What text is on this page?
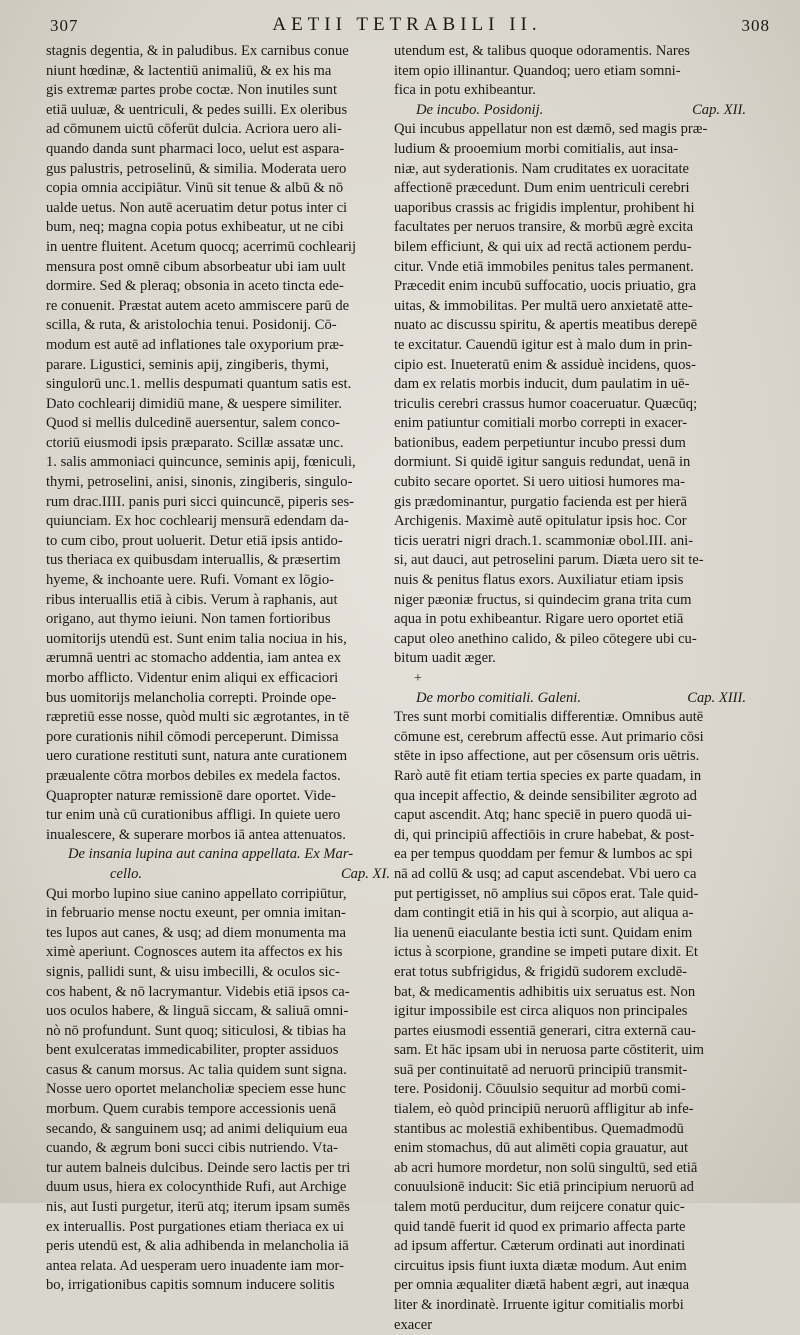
307	AETII TETRABILI II.	308
stagnis degentia, & in paludibus. Ex carnibus conue
niunt hœdinæ, & lactentiū animaliū, & ex his ma
gis extremæ partes probe coctæ. Non inutiles sunt
etiā uuluæ, & uentriculi, & pedes suilli. Ex oleribus
ad cōmunem uictū cōferūt dulcia. Acriora uero ali-
quando danda sunt pharmaci loco, uelut est aspara-
gus palustris, petroselinū, & similia. Moderata uero
copia omnia accipiātur. Vinū sit tenue & albū & nō
ualde uetus. Non autē aceruatim detur potus inter ci
bum, neq; magna copia potus exhibeatur, ut ne cibi
in uentre fluitent. Acetum quocq; acerrimū cochlearij
mensura post omnē cibum absorbeatur ubi iam uult
dormire. Sed & pleraq; obsonia in aceto tincta ede-
re conuenit. Præstat autem aceto ammiscere parū de
scilla, & ruta, & aristolochia tenui. Posidonij. Cō-
modum est autē ad inflationes tale oxyporium præ-
parare. Ligustici, seminis apij, zingiberis, thymi,
singulorū unc.1. mellis despumati quantum satis est.
Dato cochlearij dimidiū mane, & uespere similiter.
Quod si mellis dulcedinē auersentur, salem conco-
ctoriū eiusmodi ipsis præparato. Scillæ assatæ unc.
1. salis ammoniaci quincunce, seminis apij, fœniculi,
thymi, petroselini, anisi, sinonis, zingiberis, singulo-
rum drac.IIII. panis puri sicci quincuncē, piperis ses-
quiunciam. Ex hoc cochlearij mensurā edendam da-
to cum cibo, prout uoluerit. Detur etiā ipsis antido-
tus theriaca ex quibusdam interuallis, & præsertim
hyeme, & inchoante uere. Rufi. Vomant ex lōgio-
ribus interuallis etiā à cibis. Verum à raphanis, aut
origano, aut thymo ieiuni. Non tamen fortioribus
uomitorijs utendū est. Sunt enim talia nociua in his,
ærumnā uentri ac stomacho addentia, iam antea ex
morbo afflicto. Videntur enim aliqui ex efficaciori
bus uomitorijs melancholia correpti. Proinde ope-
ræpretiū esse nosse, quòd multi sic ægrotantes, in tē
pore curationis nihil cōmodi perceperunt. Dimissa
uero curatione restituti sunt, natura ante curationem
præualente cōtra morbos debiles ex medela factos.
Quapropter naturæ remissionē dare oportet. Vide-
tur enim unà cū curationibus affligi. In quiete uero
inualescere, & superare morbos iā antea attenuatos.
De insania lupina aut canina appellata. Ex Mar-
cello.	Cap. XI.
Qui morbo lupino siue canino appellato corripiūtur,
in februario mense noctu exeunt, per omnia imitan-
tes lupos aut canes, & usq; ad diem monumenta ma
ximè aperiunt. Cognosces autem ita affectos ex his
signis, pallidi sunt, & uisu imbecilli, & oculos sic-
cos habent, & nō lacrymantur. Videbis etiā ipsos ca-
uos oculos habere, & linguā siccam, & saliuā omni-
nò nō profundunt. Sunt quoq; siticulosi, & tibias ha
bent exulceratas immedicabiliter, propter assiduos
casus & canum morsus. Ac talia quidem sunt signa.
Nosse uero oportet melancholiæ speciem esse hunc
morbum. Quem curabis tempore accessionis uenā
secando, & sanguinem usq; ad animi deliquium eua
cuando, & ægrum boni succi cibis nutriendo. Vta-
tur autem balneis dulcibus. Deinde sero lactis per tri
duum usus, hiera ex colocynthide Rufi, aut Archige
nis, aut Iusti purgetur, iterū atq; iterum ipsam sumēs
ex interuallis. Post purgationes etiam theriaca ex ui
peris utendū est, & alia adhibenda in melancholia iā
antea relata. Ad uesperam uero inuadente iam mor-
bo, irrigationibus capitis somnum inducere solitis
utendum est, & talibus quoque odoramentis. Nares
item opio illinantur. Quandoq; uero etiam somni-
fica in potu exhibeantur.
De incubo. Posidonij.	Cap. XII.
Qui incubus appellatur non est dæmō, sed magis præ-
ludium & prooemium morbi comitialis, aut insa-
niæ, aut syderationis. Nam cruditates ex uoracitate
affectionē præcedunt. Dum enim uentriculi cerebri
uaporibus crassis ac frigidis implentur, prohibent hi
facultates per neruos transire, & morbū ægrè excita
bilem efficiunt, & qui uix ad rectā actionem perdu-
citur. Vnde etiā immobiles penitus tales permanent.
Præcedit enim incubū suffocatio, uocis priuatio, gra
uitas, & immobilitas. Per multā uero anxietatē atte-
nuato ac discussu spiritu, & apertis meatibus derepē
te excitatur. Cauendū igitur est à malo dum in prin-
cipio est. Inueteratū enim & assiduè incidens, quos-
dam ex relatis morbis inducit, dum paulatim in uē-
triculis cerebri crassus humor coaceruatur. Quæcūq;
enim patiuntur comitiali morbo correpti in exacer-
bationibus, eadem perpetiuntur incubo pressi dum
dormiunt. Si quidē igitur sanguis redundat, uenā in
cubito secare oportet. Si uero uitiosi humores ma-
gis prædominantur, purgatio facienda est per hierā
Archigenis. Maximè autē opitulatur ipsis hoc. Cor
ticis ueratri nigri drach.1. scammoniæ obol.III. ani-
si, aut dauci, aut petroselini parum. Diæta uero sit te-
nuis & penitus flatus exors. Auxiliatur etiam ipsis
niger pæoniæ fructus, si quindecim grana trita cum
aqua in potu exhibeantur. Rigare uero oportet etiā
caput oleo anethino calido, & pileo cōtegere ubi cu-
bitum uadit æger.
+
De morbo comitiali. Galeni.	Cap. XIII.
Tres sunt morbi comitialis differentiæ. Omnibus autē
cōmune est, cerebrum affectū esse. Aut primario cōsi
stēte in ipso affectione, aut per cōsensum oris uētris.
Rarò autē fit etiam tertia species ex parte quadam, in
qua incepit affectio, & deinde sensibiliter ægroto ad
caput ascendit. Atq; hanc speciē in puero quodā ui-
di, qui principiū affectiōis in crure habebat, & post-
ea per tempus quoddam per femur & lumbos ac spi
nā ad collū & usq; ad caput ascendebat. Vbi uero ca
put pertigisset, nō amplius sui cōpos erat. Tale quid-
dam contingit etiā in his qui à scorpio, aut aliqua a-
lia uenenū eiaculante bestia icti sunt. Quidam enim
ictus à scorpione, grandine se impeti putare dixit. Et
erat totus subfrigidus, & frigidū sudorem excludē-
bat, & medicamentis adhibitis uix seruatus est. Non
igitur impossibile est circa aliquos non principales
partes eiusmodi essentiā generari, citra externā cau-
sam. Et hāc ipsam ubi in neruosa parte cōstiterit, uim
suā per continuitatē ad neruorū principiū transmit-
tere. Posidonij. Cōuulsio sequitur ad morbū comi-
tialem, eò quòd principiū neruorū affligitur ab infe-
stantibus ac molestiā exhibentibus. Quemadmodū
enim stomachus, dū aut alimēti copia grauatur, aut
ab acri humore mordetur, non solū singultū, sed etiā
conuulsionē inducit: Sic etiā principium neruorū ad
talem motū perducitur, dum reijcere conatur quic-
quid tandē fuerit id quod ex primario affecta parte
ad ipsum affertur. Cæterum ordinati aut inordinati
circuitus ipsis fiunt iuxta diætæ modum. Aut enim
per omnia æqualiter diætā habent ægri, aut inæqua
liter & inordinatè. Irruente igitur comitialis morbi
exacer
